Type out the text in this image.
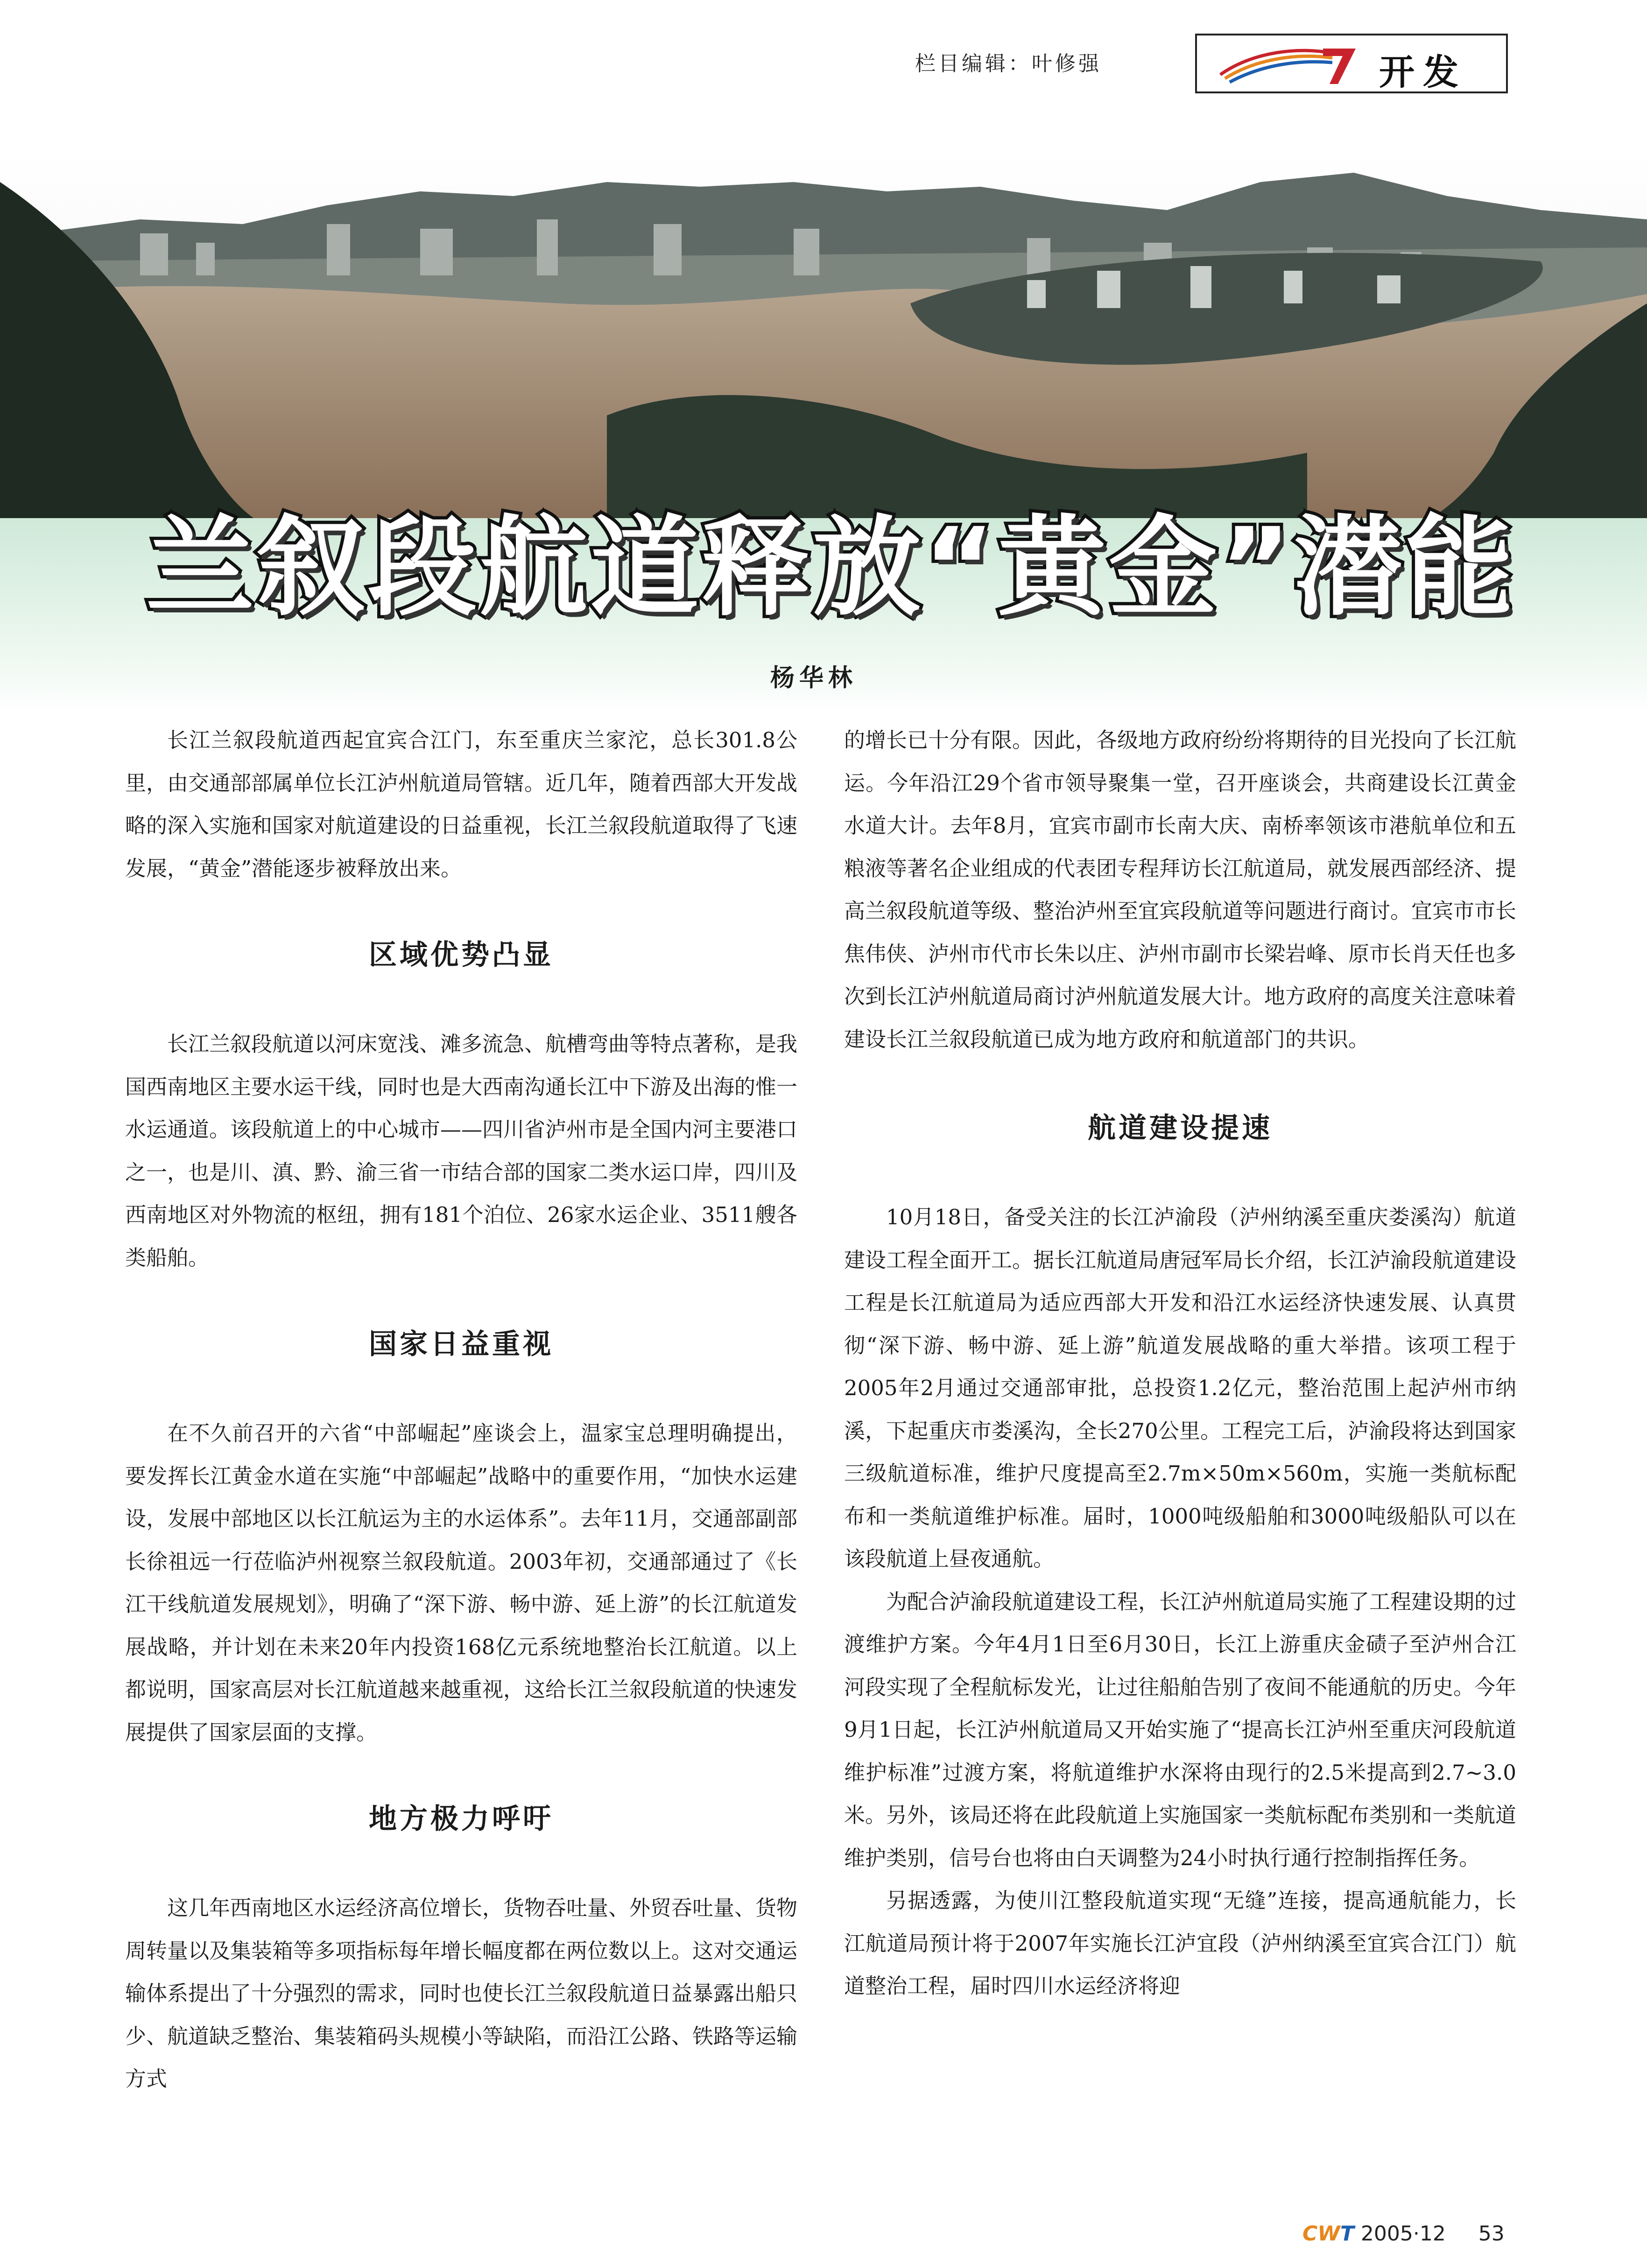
栏目编辑：叶修强	开发
兰叙段航道释放“黄金”潜能
杨华林

长江兰叙段航道西起宜宾合江门，东至重庆兰家沱，总长301.8公里，由交通部部属单位长江泸州航道局管辖。近几年，随着西部大开发战略的深入实施和国家对航道建设的日益重视，长江兰叙段航道取得了飞速发展，“黄金”潜能逐步被释放出来。

区域优势凸显

长江兰叙段航道以河床宽浅、滩多流急、航槽弯曲等特点著称，是我国西南地区主要水运干线，同时也是大西南沟通长江中下游及出海的惟一水运通道。该段航道上的中心城市——四川省泸州市是全国内河主要港口之一，也是川、滇、黔、渝三省一市结合部的国家二类水运口岸，四川及西南地区对外物流的枢纽，拥有181个泊位、26家水运企业、3511艘各类船舶。

国家日益重视

在不久前召开的六省“中部崛起”座谈会上，温家宝总理明确提出，要发挥长江黄金水道在实施“中部崛起”战略中的重要作用，“加快水运建设，发展中部地区以长江航运为主的水运体系”。去年11月，交通部副部长徐祖远一行莅临泸州视察兰叙段航道。2003年初，交通部通过了《长江干线航道发展规划》，明确了“深下游、畅中游、延上游”的长江航道发展战略，并计划在未来20年内投资168亿元系统地整治长江航道。以上都说明，国家高层对长江航道越来越重视，这给长江兰叙段航道的快速发展提供了国家层面的支撑。

地方极力呼吁

这几年西南地区水运经济高位增长，货物吞吐量、外贸吞吐量、货物周转量以及集装箱等多项指标每年增长幅度都在两位数以上。这对交通运输体系提出了十分强烈的需求，同时也使长江兰叙段航道日益暴露出船只少、航道缺乏整治、集装箱码头规模小等缺陷，而沿江公路、铁路等运输方式

的增长已十分有限。因此，各级地方政府纷纷将期待的目光投向了长江航运。今年沿江29个省市领导聚集一堂，召开座谈会，共商建设长江黄金水道大计。去年8月，宜宾市副市长南大庆、南桥率领该市港航单位和五粮液等著名企业组成的代表团专程拜访长江航道局，就发展西部经济、提高兰叙段航道等级、整治泸州至宜宾段航道等问题进行商讨。宜宾市市长焦伟侠、泸州市代市长朱以庄、泸州市副市长梁岩峰、原市长肖天任也多次到长江泸州航道局商讨泸州航道发展大计。地方政府的高度关注意味着建设长江兰叙段航道已成为地方政府和航道部门的共识。

航道建设提速

10月18日，备受关注的长江泸渝段（泸州纳溪至重庆娄溪沟）航道建设工程全面开工。据长江航道局唐冠军局长介绍，长江泸渝段航道建设工程是长江航道局为适应西部大开发和沿江水运经济快速发展、认真贯彻“深下游、畅中游、延上游”航道发展战略的重大举措。该项工程于2005年2月通过交通部审批，总投资1.2亿元，整治范围上起泸州市纳溪，下起重庆市娄溪沟，全长270公里。工程完工后，泸渝段将达到国家三级航道标准，维护尺度提高至2.7m×50m×560m，实施一类航标配布和一类航道维护标准。届时，1000吨级船舶和3000吨级船队可以在该段航道上昼夜通航。

为配合泸渝段航道建设工程，长江泸州航道局实施了工程建设期的过渡维护方案。今年4月1日至6月30日，长江上游重庆金碛子至泸州合江河段实现了全程航标发光，让过往船舶告别了夜间不能通航的历史。今年9月1日起，长江泸州航道局又开始实施了“提高长江泸州至重庆河段航道维护标准”过渡方案，将航道维护水深将由现行的2.5米提高到2.7~3.0米。另外，该局还将在此段航道上实施国家一类航标配布类别和一类航道维护类别，信号台也将由白天调整为24小时执行通行控制指挥任务。

另据透露，为使川江整段航道实现“无缝”连接，提高通航能力，长江航道局预计将于2007年实施长江泸宜段（泸州纳溪至宜宾合江门）航道整治工程，届时四川水运经济将迎

CWT 2005·12 53
